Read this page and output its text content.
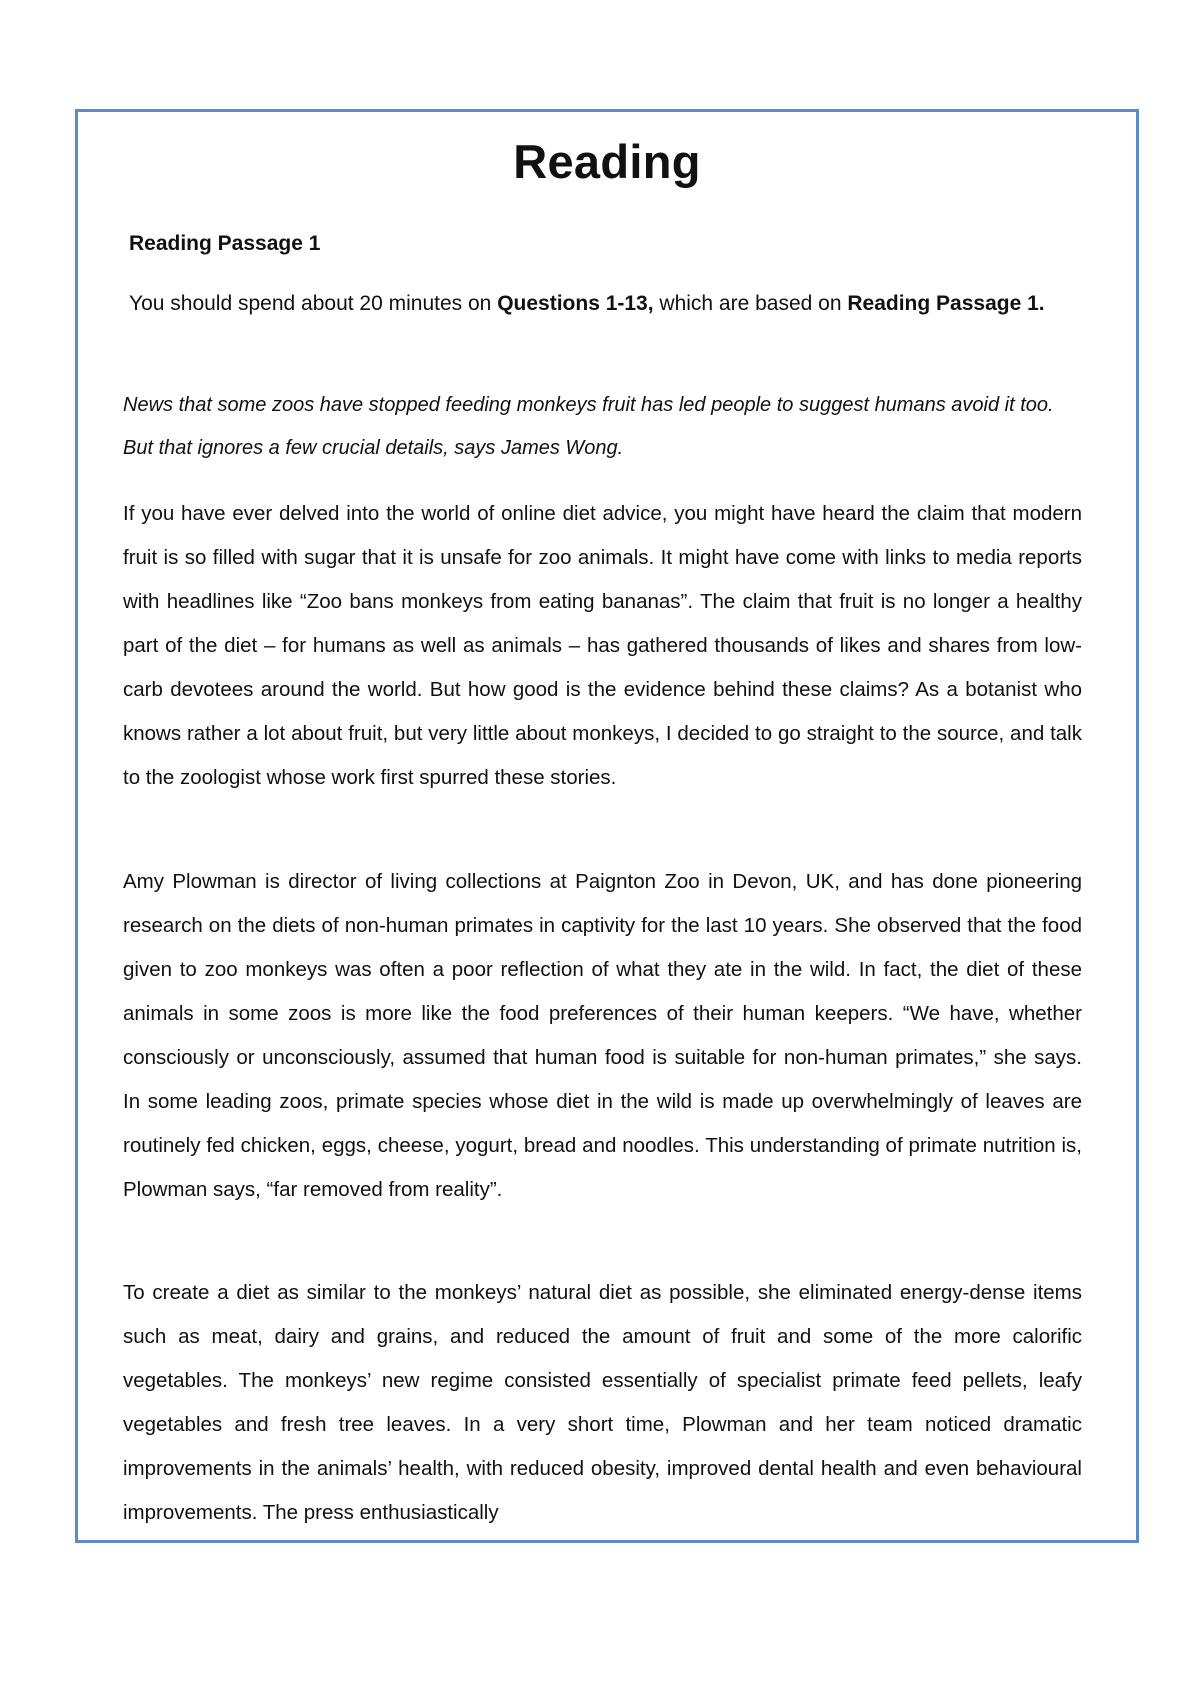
Reading

Reading Passage 1

You should spend about 20 minutes on Questions 1-13, which are based on Reading Passage 1.

News that some zoos have stopped feeding monkeys fruit has led people to suggest humans avoid it too. But that ignores a few crucial details, says James Wong.

If you have ever delved into the world of online diet advice, you might have heard the claim that modern fruit is so filled with sugar that it is unsafe for zoo animals. It might have come with links to media reports with headlines like “Zoo bans monkeys from eating bananas”. The claim that fruit is no longer a healthy part of the diet – for humans as well as animals – has gathered thousands of likes and shares from low-carb devotees around the world. But how good is the evidence behind these claims? As a botanist who knows rather a lot about fruit, but very little about monkeys, I decided to go straight to the source, and talk to the zoologist whose work first spurred these stories.

Amy Plowman is director of living collections at Paignton Zoo in Devon, UK, and has done pioneering research on the diets of non-human primates in captivity for the last 10 years. She observed that the food given to zoo monkeys was often a poor reflection of what they ate in the wild. In fact, the diet of these animals in some zoos is more like the food preferences of their human keepers. “We have, whether consciously or unconsciously, assumed that human food is suitable for non-human primates,” she says. In some leading zoos, primate species whose diet in the wild is made up overwhelmingly of leaves are routinely fed chicken, eggs, cheese, yogurt, bread and noodles. This understanding of primate nutrition is, Plowman says, “far removed from reality”.

To create a diet as similar to the monkeys’ natural diet as possible, she eliminated energy-dense items such as meat, dairy and grains, and reduced the amount of fruit and some of the more calorific vegetables. The monkeys’ new regime consisted essentially of specialist primate feed pellets, leafy vegetables and fresh tree leaves. In a very short time, Plowman and her team noticed dramatic improvements in the animals’ health, with reduced obesity, improved dental health and even behavioural improvements. The press enthusiastically
